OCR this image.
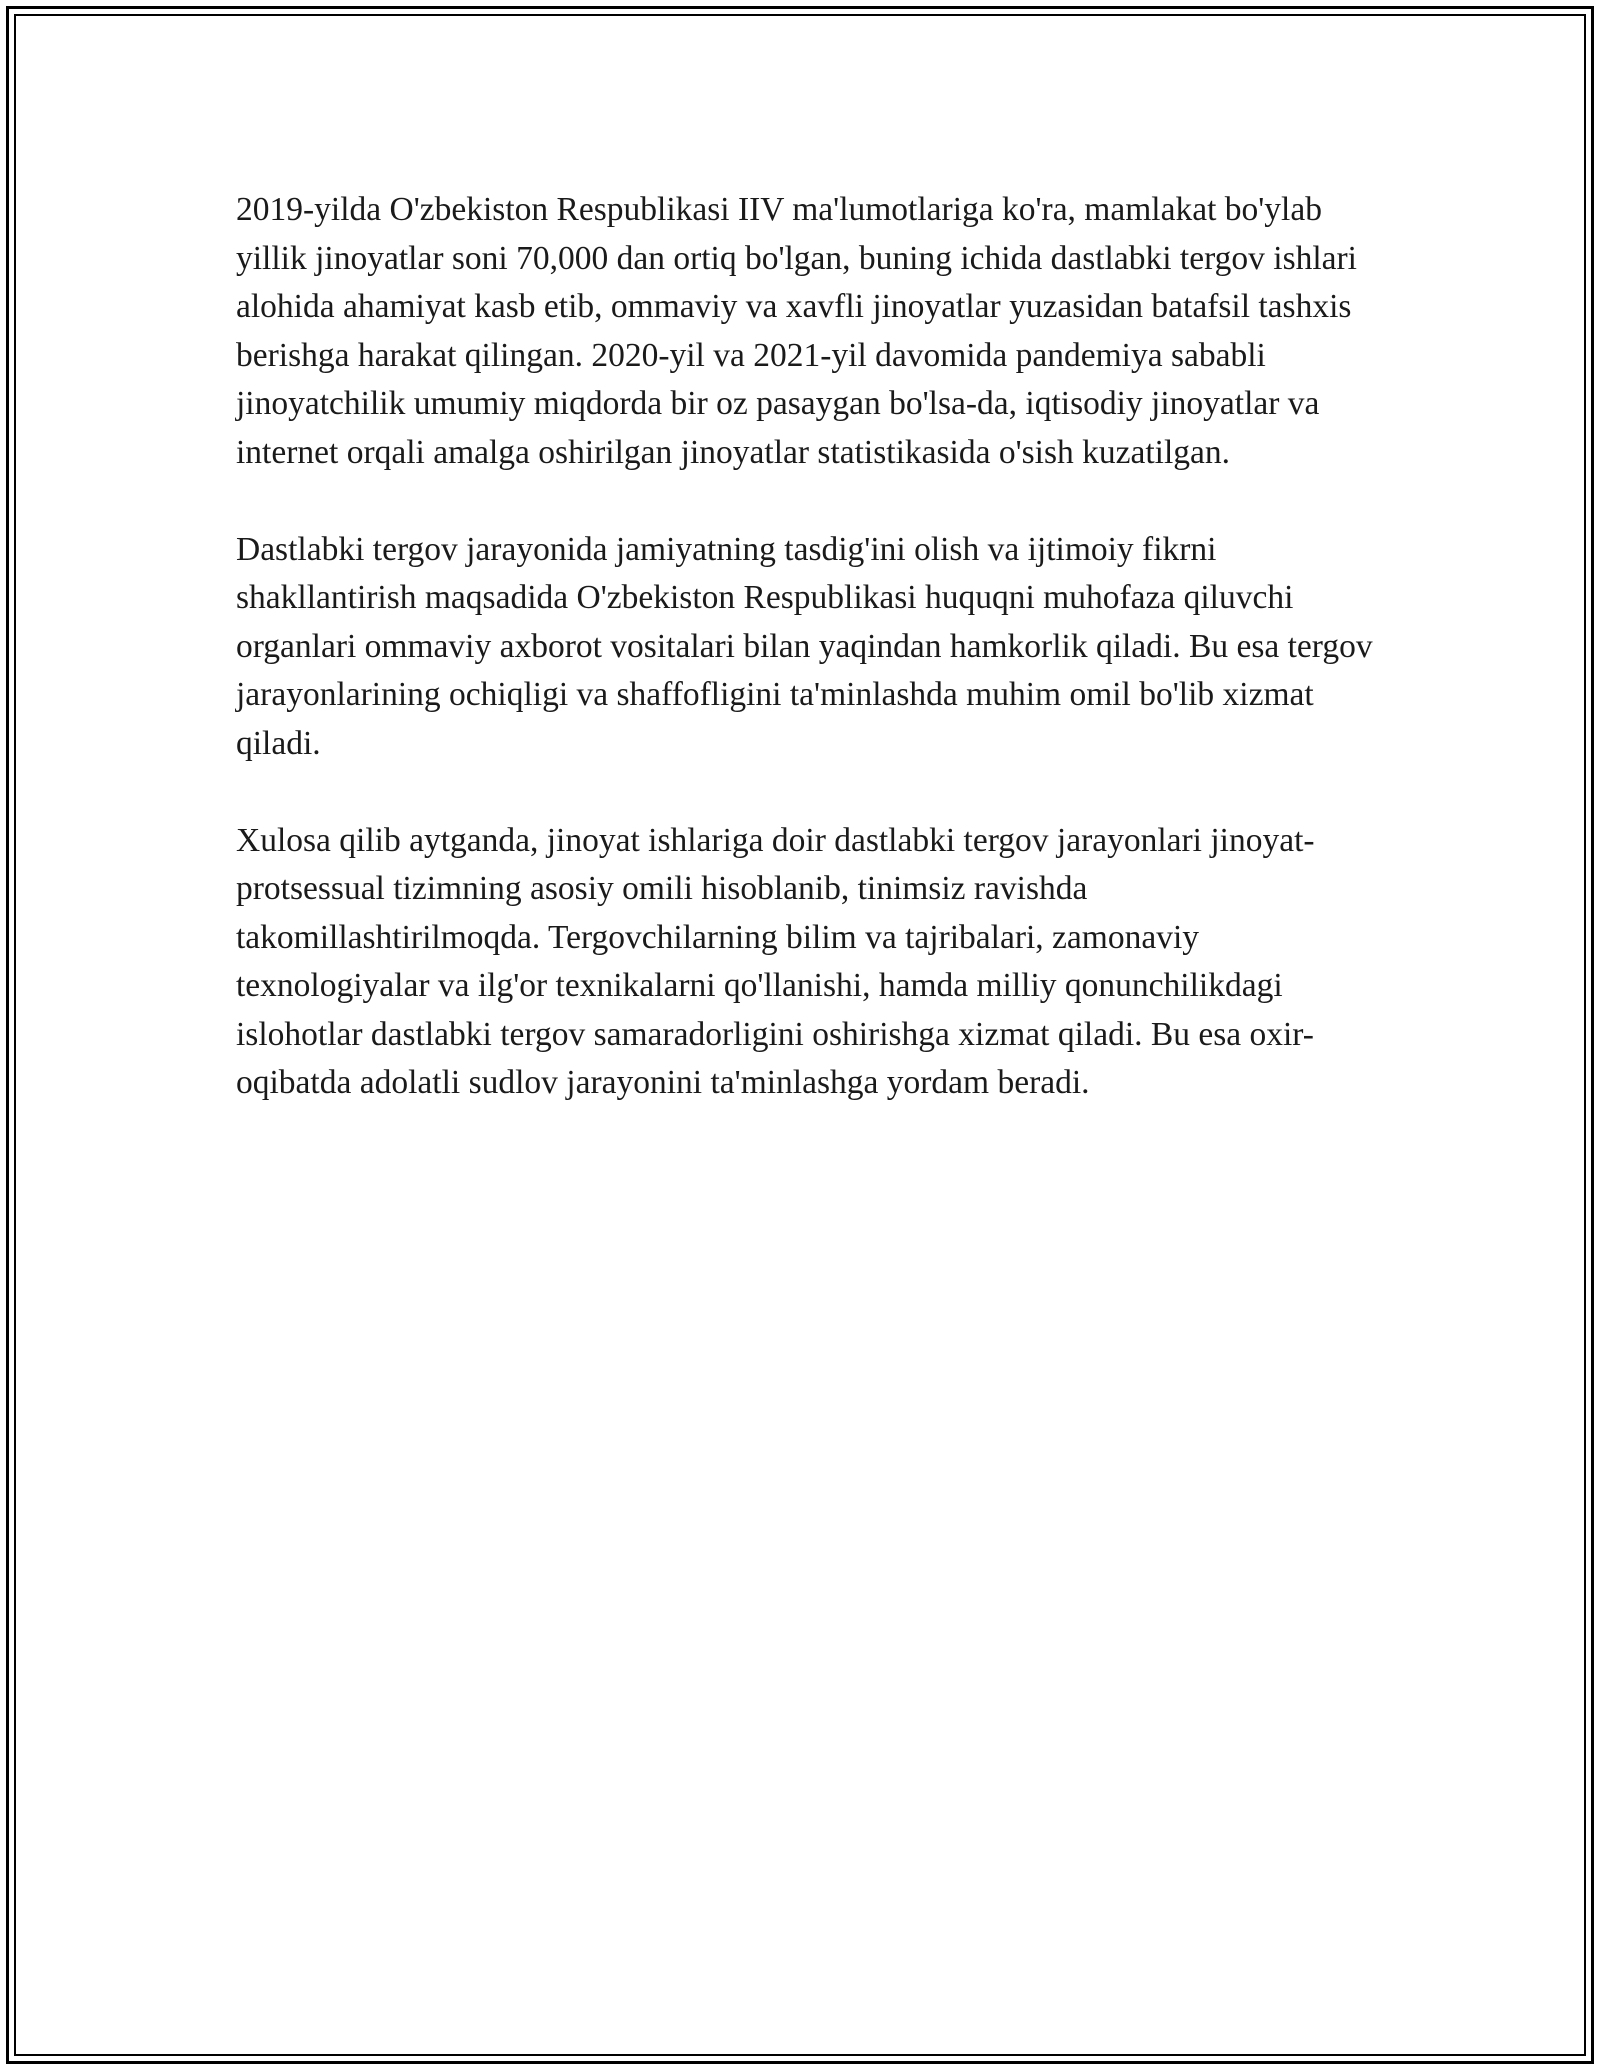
2019-yilda O'zbekiston Respublikasi IIV ma'lumotlariga ko'ra, mamlakat bo'ylab yillik jinoyatlar soni 70,000 dan ortiq bo'lgan, buning ichida dastlabki tergov ishlari alohida ahamiyat kasb etib, ommaviy va xavfli jinoyatlar yuzasidan batafsil tashxis berishga harakat qilingan. 2020-yil va 2021-yil davomida pandemiya sababli jinoyatchilik umumiy miqdorda bir oz pasaygan bo'lsa-da, iqtisodiy jinoyatlar va internet orqali amalga oshirilgan jinoyatlar statistikasida o'sish kuzatilgan.

Dastlabki tergov jarayonida jamiyatning tasdig'ini olish va ijtimoiy fikrni shakllantirish maqsadida O'zbekiston Respublikasi huquqni muhofaza qiluvchi organlari ommaviy axborot vositalari bilan yaqindan hamkorlik qiladi. Bu esa tergov jarayonlarining ochiqligi va shaffofligini ta'minlashda muhim omil bo'lib xizmat qiladi.

Xulosa qilib aytganda, jinoyat ishlariga doir dastlabki tergov jarayonlari jinoyat-protsessual tizimning asosiy omili hisoblanib, tinimsiz ravishda takomillashtirilmoqda. Tergovchilarning bilim va tajribalari, zamonaviy texnologiyalar va ilg'or texnikalarni qo'llanishi, hamda milliy qonunchilikdagi islohotlar dastlabki tergov samaradorligini oshirishga xizmat qiladi. Bu esa oxir-oqibatda adolatli sudlov jarayonini ta'minlashga yordam beradi.
